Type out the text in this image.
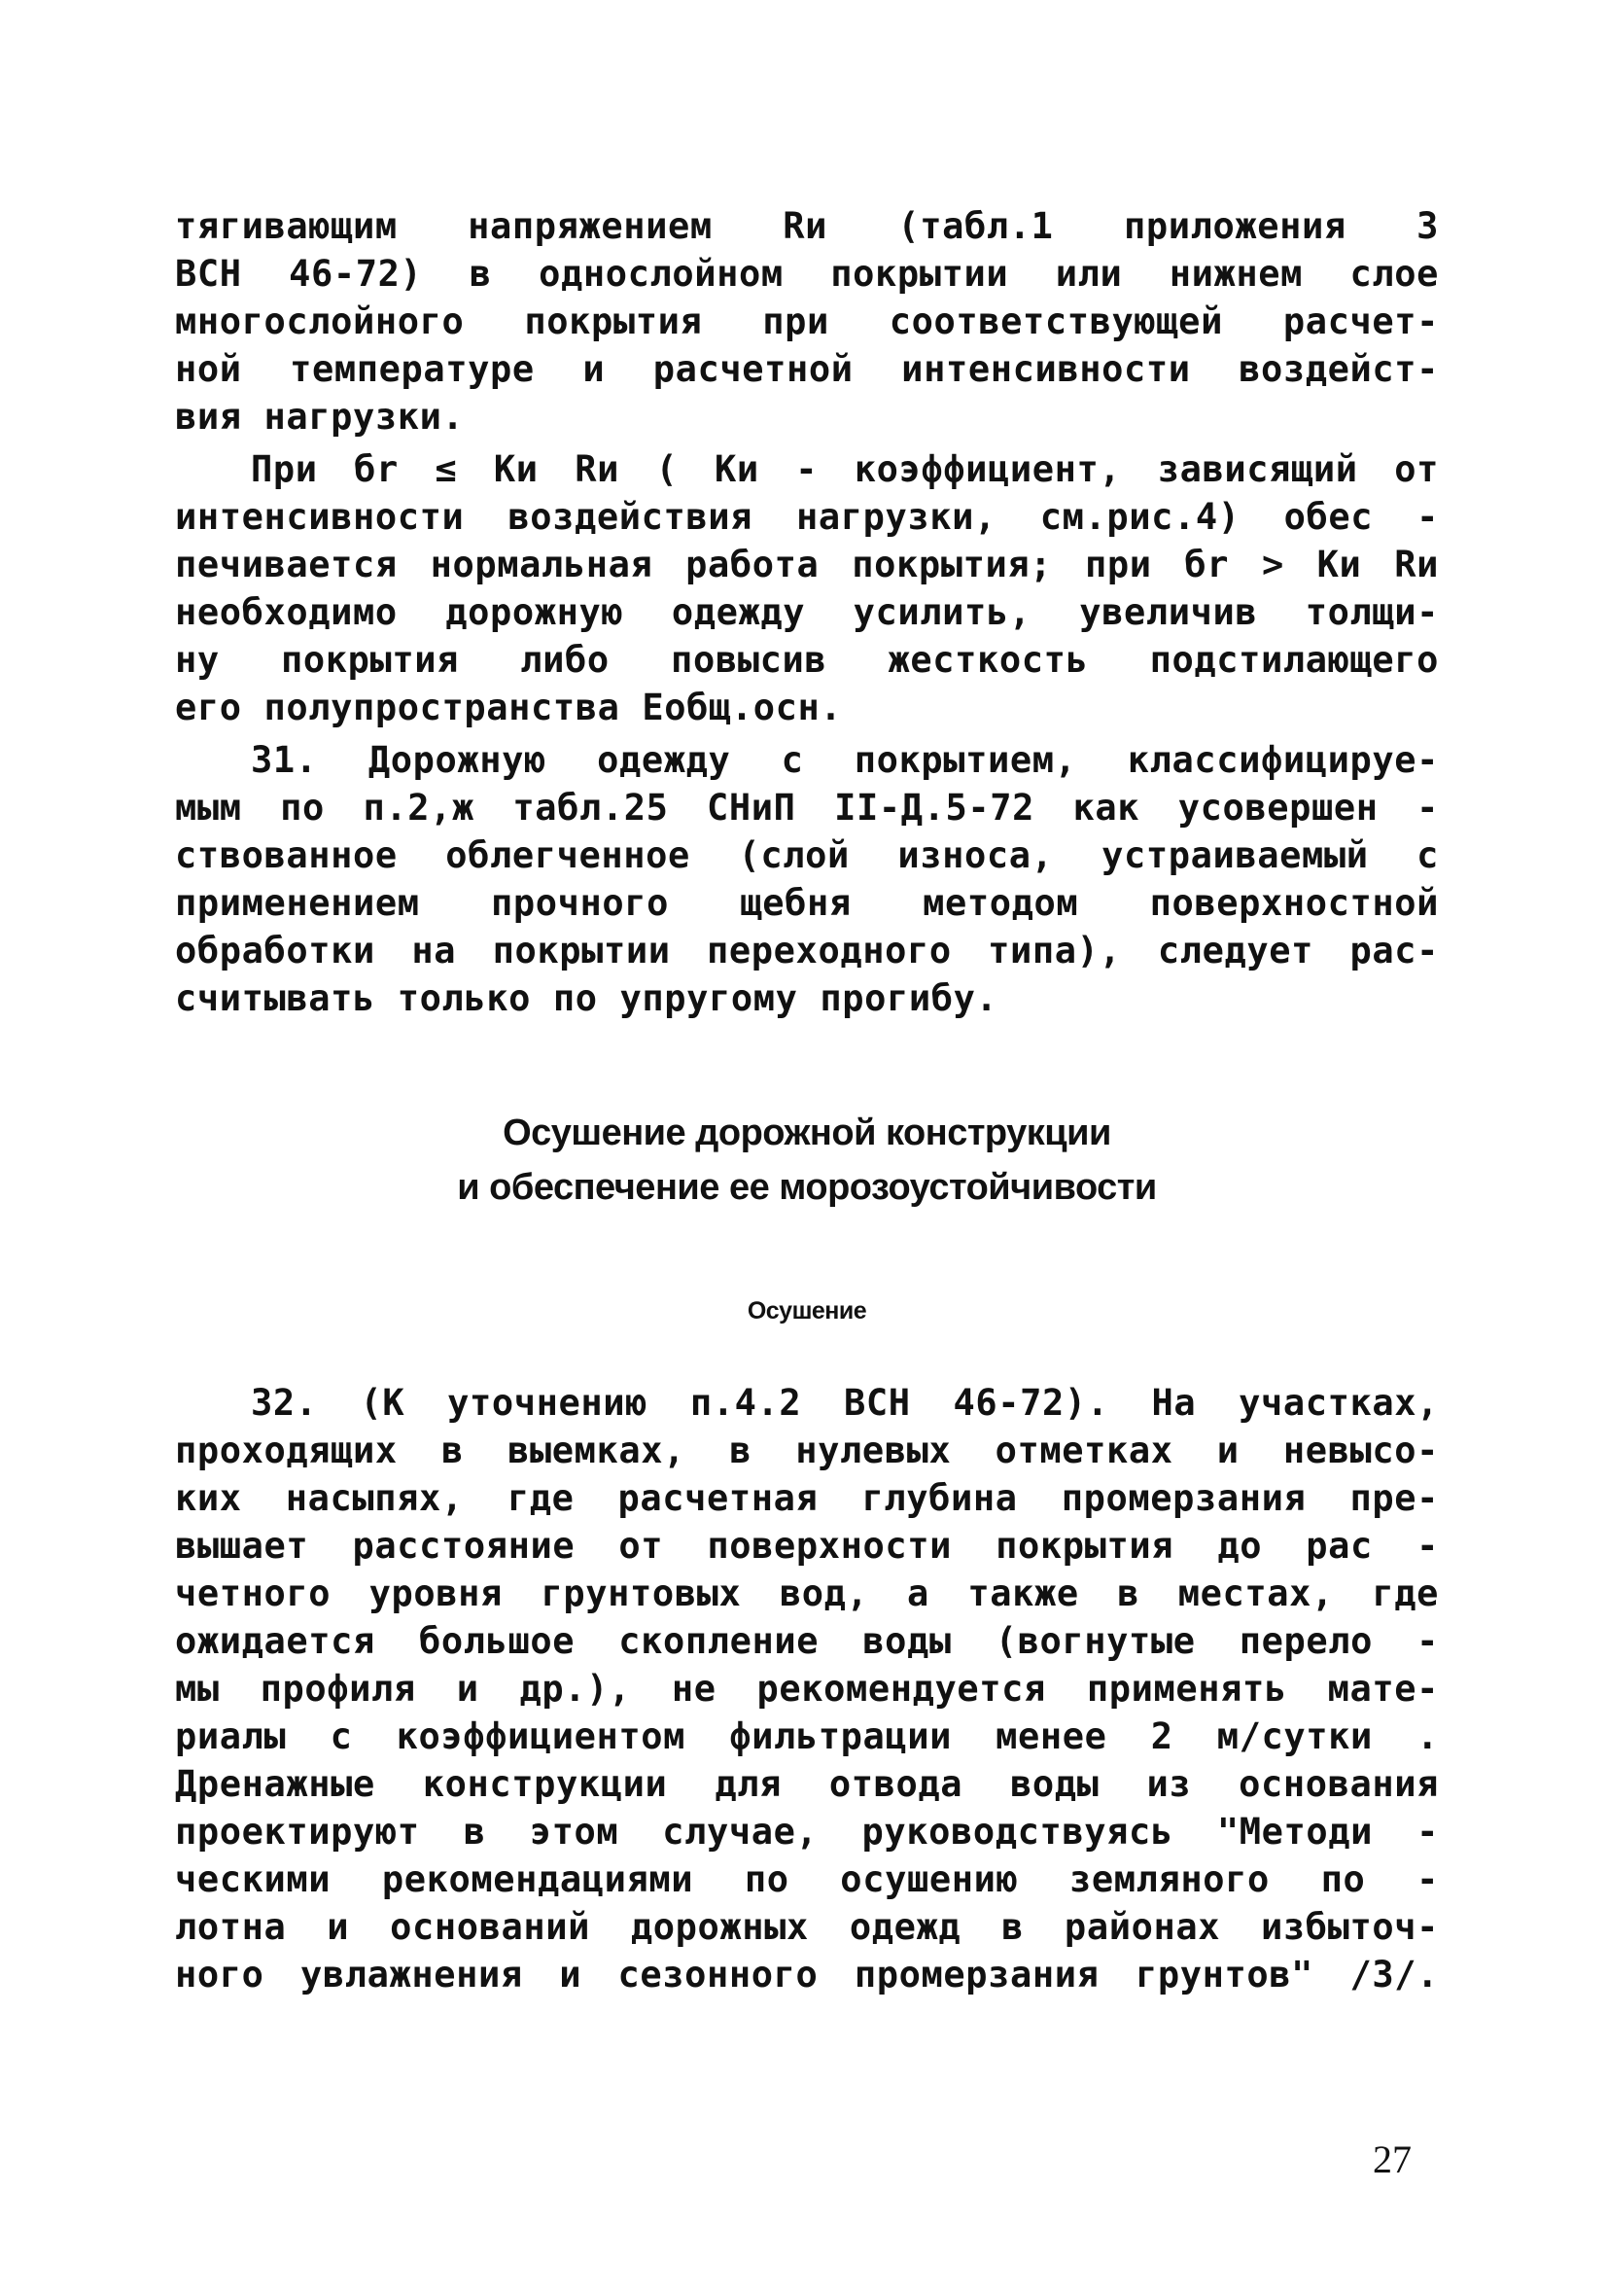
тягивающим напряжением Rи (табл.1 приложения 3

ВСН 46-72) в однослойном покрытии или нижнем слое

многослойного покрытия при соответствующей расчет-

ной температуре и расчетной интенсивности воздейст-

вия нагрузки.

При бr ≤ Kи Rи ( Kи - коэффициент, зависящий от

интенсивности воздействия нагрузки, см.рис.4) обес -

печивается нормальная работа покрытия; при бr > Kи Rи

необходимо дорожную одежду усилить, увеличив толщи-

ну покрытия либо повысив жесткость подстилающего

его полупространства Eобщ.осн.

31. Дорожную одежду с покрытием, классифицируе-

мым по п.2,ж табл.25 СНиП II-Д.5-72 как усовершен -

ствованное облегченное (слой износа, устраиваемый с

применением прочного щебня методом поверхностной

обработки на покрытии переходного типа), следует рас-

считывать только по упругому прогибу.

Осушение дорожной конструкции

и обеспечение ее морозоустойчивости

Осушение

32. (К уточнению п.4.2 ВСН 46-72). На участках,

проходящих в выемках, в нулевых отметках и невысо-

ких насыпях, где расчетная глубина промерзания пре-

вышает расстояние от поверхности покрытия до рас -

четного уровня грунтовых вод, а также в местах, где

ожидается большое скопление воды (вогнутые перело -

мы профиля и др.), не рекомендуется применять мате-

риалы с коэффициентом фильтрации менее 2 м/сутки .

Дренажные конструкции для отвода воды из основания

проектируют в этом случае, руководствуясь "Методи -

ческими рекомендациями по осушению земляного по -

лотна и оснований дорожных одежд в районах избыточ-

ного увлажнения и сезонного промерзания грунтов" /3/.

27
